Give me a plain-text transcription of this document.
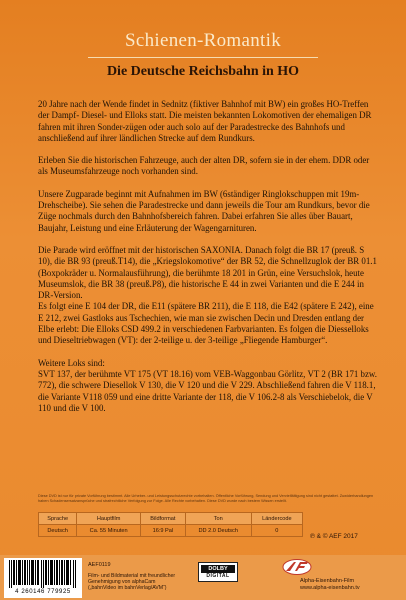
Schienen-Romantik
Die Deutsche Reichsbahn in HO

20 Jahre nach der Wende findet in Sednitz (fiktiver Bahnhof mit BW) ein großes HO-Treffen der Dampf- Diesel- und Elloks statt. Die meisten bekannten Lokomotiven der ehemaligen DR fahren mit ihren Sonder-zügen oder auch solo auf der Paradestrecke des Bahnhofs und anschließend auf ihrer ländlichen Strecke auf dem Rundkurs.

Erleben Sie die historischen Fahrzeuge, auch der alten DR, sofern sie in der ehem. DDR oder als Museumsfahrzeuge noch vorhanden sind.

Unsere Zugparade beginnt mit Aufnahmen im BW (6ständiger Ringlokschuppen mit 19m-Drehscheibe). Sie sehen die Paradestrecke und dann jeweils die Tour am Rundkurs, bevor die Züge nochmals durch den Bahnhofsbereich fahren. Dabei erfahren Sie alles über Bauart, Baujahr, Leistung und eine Erläuterung der Wagengarnituren.

Die Parade wird eröffnet mit der historischen SAXONIA. Danach folgt die BR 17 (preuß. S 10), die BR 93 (preuß.T14), die „Kriegslokomotive“ der BR 52, die Schnellzuglok der BR 01.1 (Boxpokräder u. Normalausführung), die berühmte 18 201 in Grün, eine Versuchslok, heute Museumslok, die BR 38 (preuß.P8), die historische E 44 in zwei Varianten und die E 244 in DR-Version.

Es folgt eine E 104 der DR, die E11 (spätere BR 211), die E 118, die E42 (spätere E 242), eine E 212, zwei Gastloks aus Tschechien, wie man sie zwischen Decin und Dresden entlang der Elbe erlebt: Die Elloks CSD 499.2 in verschiedenen Farbvarianten. Es folgen die Diesselloks und Dieseltriebwagen (VT): der 2-teilige u. der 3-teilige „Fliegende Hamburger“.

Weitere Loks sind:

SVT 137, der berühmte VT 175 (VT 18.16) vom VEB-Waggonbau Görlitz, VT 2 (BR 171 bzw. 772), die schwere Diesellok V 130, die V 120 und die V 229. Abschließend fahren die V 118.1, die Variante V118 059 und eine dritte Variante der 118, die V 106.2-8 als Verschiebelok, die V 110 und die V 100.

Diese DVD ist nur für private Vorführung bestimmt. Alle Urheber- und Leistungsschutzrechte vorbehalten. Öffentliche Vorführung, Sendung und Vervielfältigung sind nicht gestattet. Zuwiderhandlungen haben Schadensersatzansprüche und strafrechtliche Verfolgung zur Folge. Alle Rechte vorbehalten. Diese DVD wurde nach bestem Wissen erstellt.
Sprache	Hauptfilm	Bildformat	Ton	Ländercode
Deutsch	Ca. 55 Minuten	16:9 Pal	DD 2.0 Deutsch	0
℗ & © AEF 2017
4 260146 779925
AEF0119
Film- und Bildmaterial mit freundlicher Genehmigung von alphaCam („bahnVideo im bahnVerlag/AVM“)
DOLBY
DIGITAL
Alpha-Eisenbahn-Film
www.alpha-eisenbahn.tv
